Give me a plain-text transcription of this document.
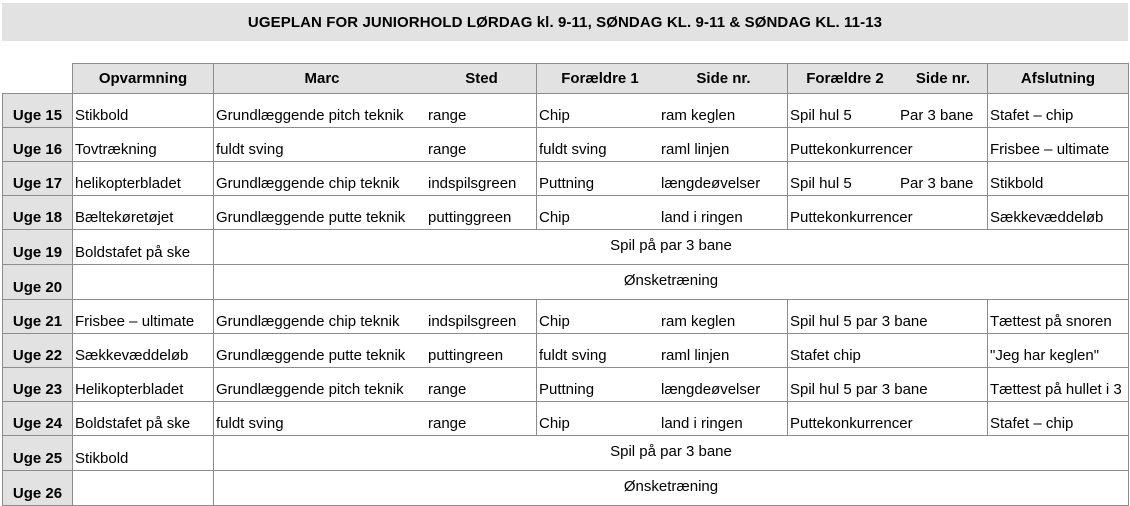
UGEPLAN FOR JUNIORHOLD LØRDAG kl. 9-11, SØNDAG KL. 9-11 & SØNDAG KL. 11-13
	Opvarmning	Marc Sted	Forældre 1 Side nr.	Forældre 2 Side nr.	Afslutning
Uge 15	Stikbold	Grundlæggende pitch teknik range	Chip ram keglen	Spil hul 5 Par 3 bane	Stafet – chip
Uge 16	Tovtrækning	fuldt sving range	fuldt sving raml linjen	Puttekonkurrencer	Frisbee – ultimate
Uge 17	helikopterbladet	Grundlæggende chip teknik indspilsgreen	Puttning længdeøvelser	Spil hul 5 Par 3 bane	Stikbold
Uge 18	Bæltekøretøjet	Grundlæggende putte teknik puttinggreen	Chip land i ringen	Puttekonkurrencer	Sækkevæddeløb
Uge 19	Boldstafet på ske	Spil på par 3 bane			
Uge 20		Ønsketræning			
Uge 21	Frisbee – ultimate	Grundlæggende chip teknik indspilsgreen	Chip ram keglen	Spil hul 5 par 3 bane	Tættest på snoren
Uge 22	Sækkevæddeløb	Grundlæggende putte teknik puttingreen	fuldt sving raml linjen	Stafet chip	"Jeg har keglen"
Uge 23	Helikopterbladet	Grundlæggende pitch teknik range	Puttning længdeøvelser	Spil hul 5 par 3 bane	Tættest på hullet i 3
Uge 24	Boldstafet på ske	fuldt sving range	Chip land i ringen	Puttekonkurrencer	Stafet – chip
Uge 25	Stikbold	Spil på par 3 bane			
Uge 26		Ønsketræning			
